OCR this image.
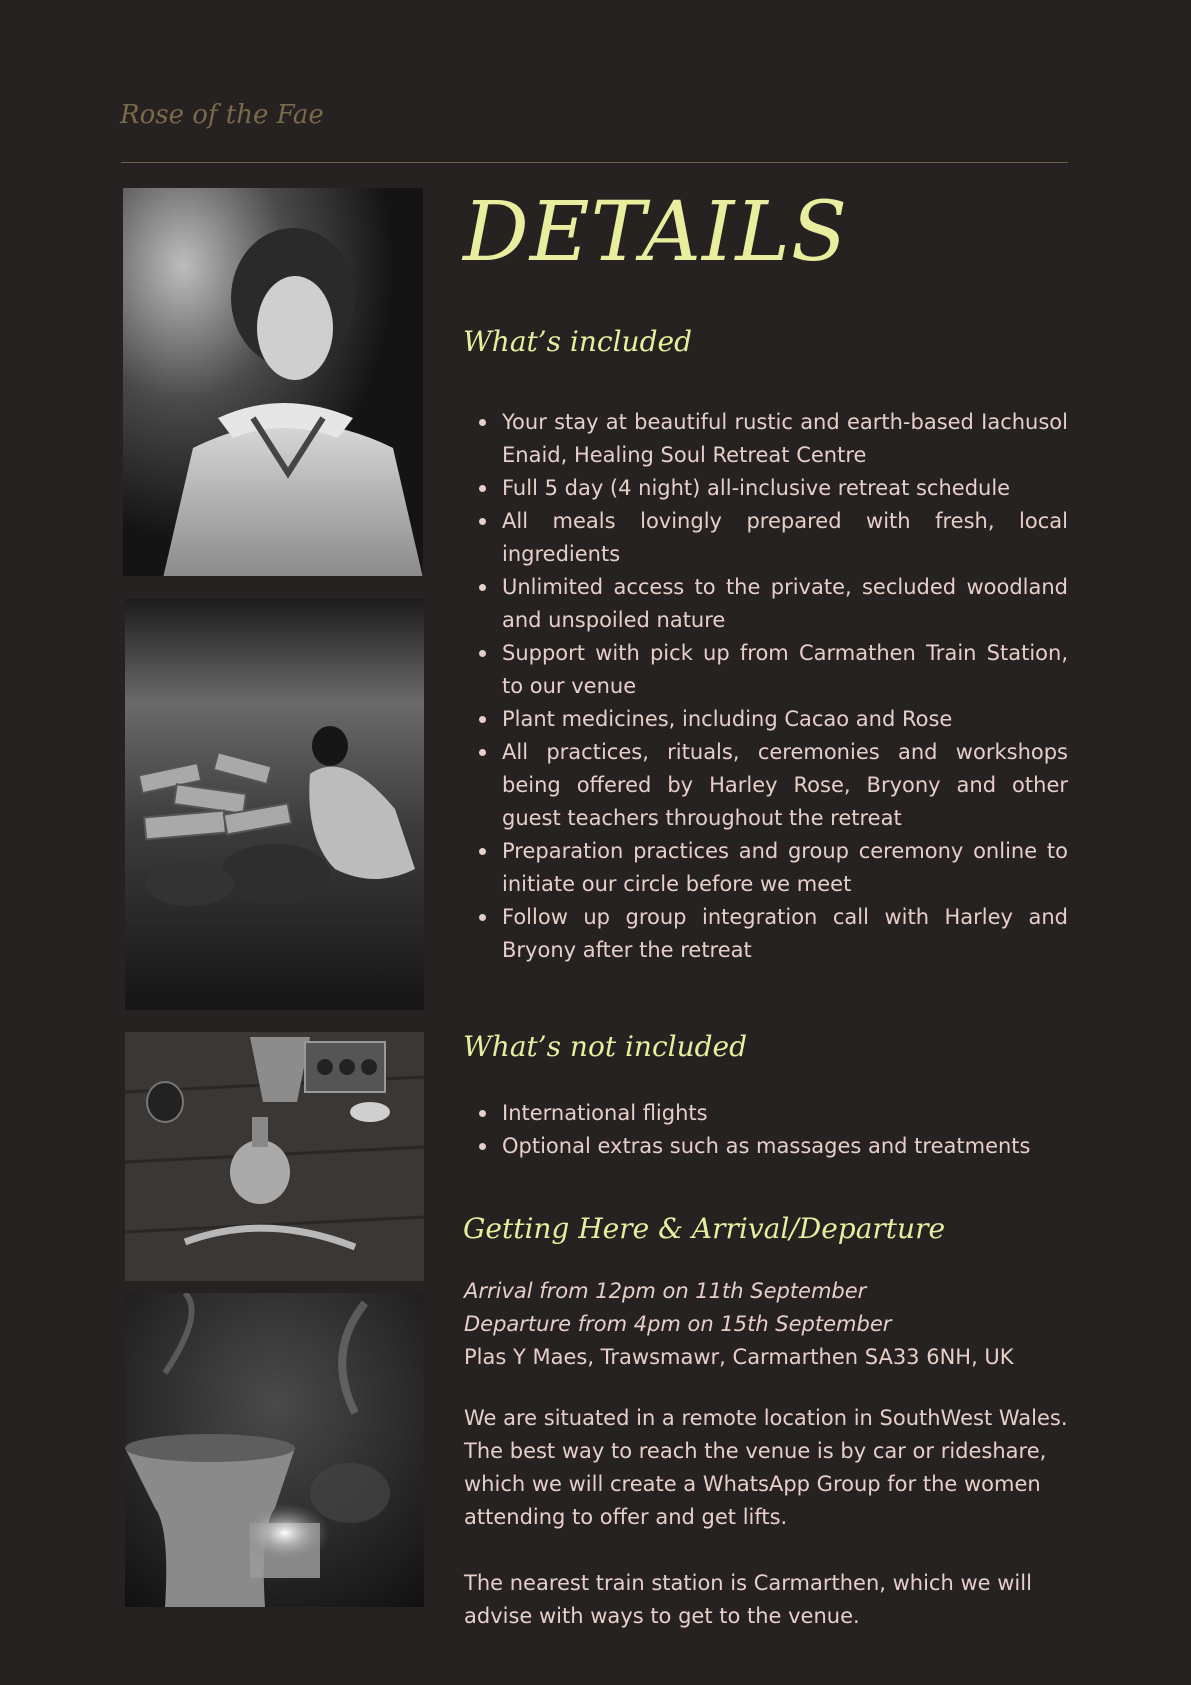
Rose of the Fae

DETAILS
What’s included
Your stay at beautiful rustic and earth-based Iachusol Enaid, Healing Soul Retreat Centre
Full 5 day (4 night) all-inclusive retreat schedule
All meals lovingly prepared with fresh, local ingredients
Unlimited access to the private, secluded woodland and unspoiled nature
Support with pick up from Carmathen Train Station, to our venue
Plant medicines, including Cacao and Rose
All practices, rituals, ceremonies and workshops being offered by Harley Rose, Bryony and other guest teachers throughout the retreat
Preparation practices and group ceremony online to initiate our circle before we meet
Follow up group integration call with Harley and Bryony after the retreat
What’s not included
International flights
Optional extras such as massages and treatments
Getting Here & Arrival/Departure

Arrival from 12pm on 11th September
Departure from 4pm on 15th September
Plas Y Maes, Trawsmawr, Carmarthen SA33 6NH, UK

We are situated in a remote location in SouthWest Wales.
The best way to reach the venue is by car or rideshare,
which we will create a WhatsApp Group for the women
attending to offer and get lifts.

The nearest train station is Carmarthen, which we will
advise with ways to get to the venue.
